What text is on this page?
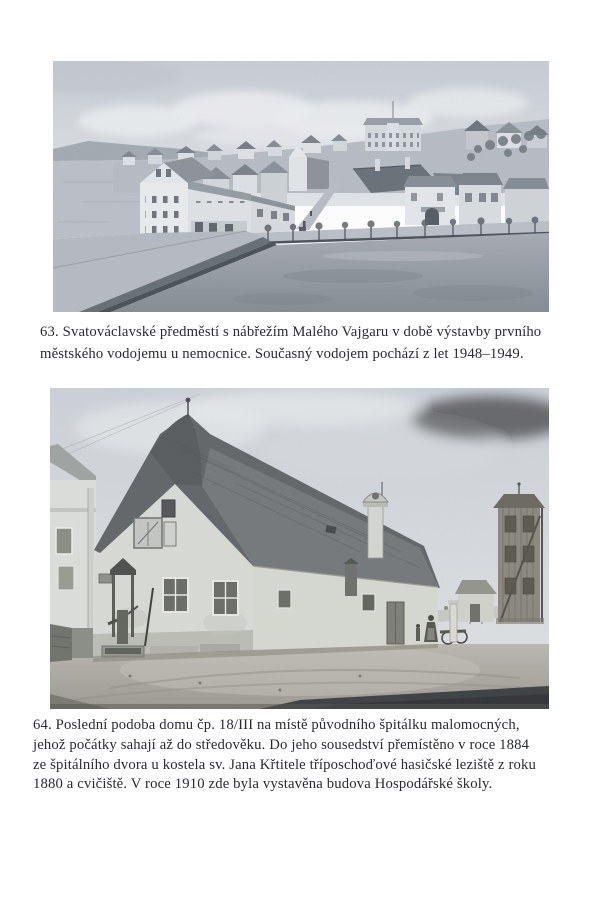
63. Svatováclavské předměstí s nábřežím Malého Vajgaru v době výstavby prvního
městského vodojemu u nemocnice. Současný vodojem pochází z let 1948–1949.
64. Poslední podoba domu čp. 18/III na místě původního špitálku malomocných,
jehož počátky sahají až do středověku. Do jeho sousedství přemístěno v roce 1884
ze špitálního dvora u kostela sv. Jana Křtitele tříposchoďové hasičské leziště z roku
1880 a cvičiště. V roce 1910 zde byla vystavěna budova Hospodářské školy.
